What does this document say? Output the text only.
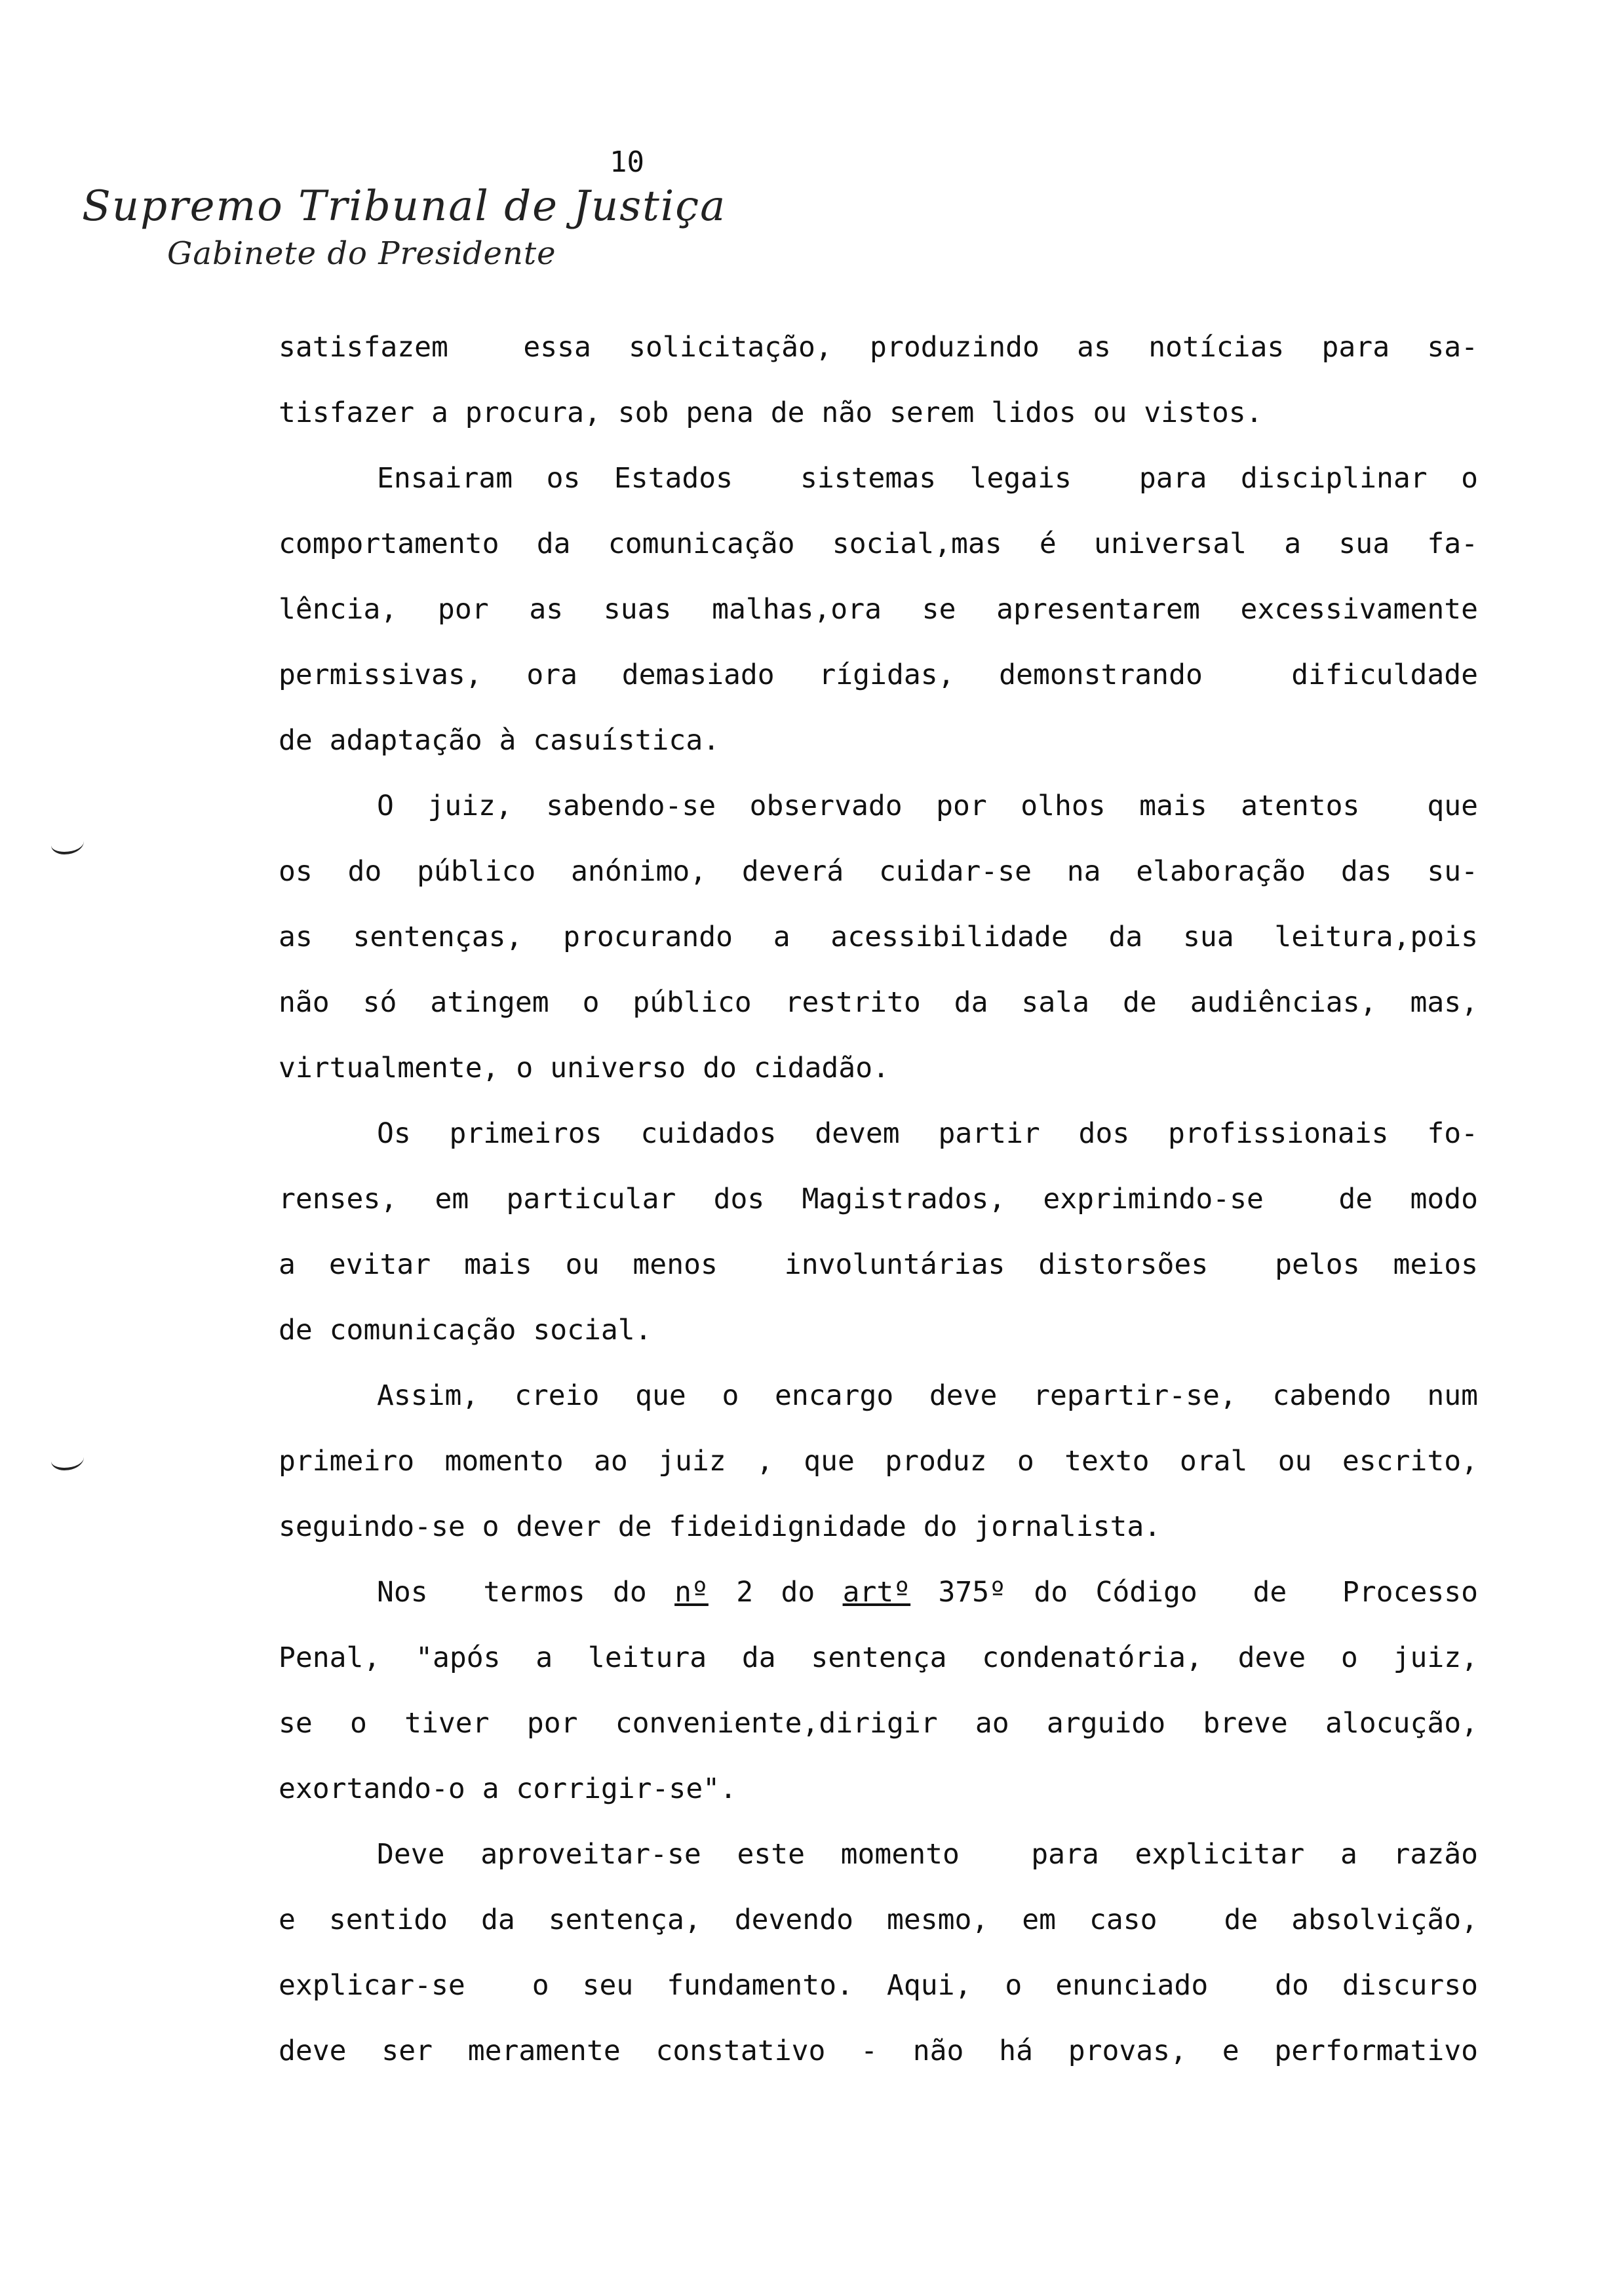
10
Supremo Tribunal de Justiça
Gabinete do Presidente
satisfazem  essa solicitação, produzindo as notícias para sa-
tisfazer a procura, sob pena de não serem lidos ou vistos.
Ensairam os Estados  sistemas legais  para disciplinar o
comportamento da comunicação social,mas é universal a sua fa-
lência, por as suas malhas,ora se apresentarem excessivamente
permissivas, ora demasiado rígidas, demonstrando  dificuldade
de adaptação à casuística.
O juiz, sabendo-se observado por olhos mais atentos  que
os do público anónimo, deverá cuidar-se na elaboração das su-
as sentenças, procurando a acessibilidade da sua leitura,pois
não só atingem o público restrito da sala de audiências, mas,
virtualmente, o universo do cidadão.
Os primeiros cuidados devem partir dos profissionais fo-
renses, em particular dos Magistrados, exprimindo-se  de modo
a evitar mais ou menos  involuntárias distorsões  pelos meios
de comunicação social.
Assim, creio que o encargo deve repartir-se, cabendo num
primeiro momento ao juiz , que produz o texto oral ou escrito,
seguindo-se o dever de fideidignidade do jornalista.
Nos  termos do nº 2 do artº 375º do Código  de  Processo
Penal, "após a leitura da sentença condenatória, deve o juiz,
se o tiver por conveniente,dirigir ao arguido breve alocução,
exortando-o a corrigir-se".
Deve aproveitar-se este momento  para explicitar a razão
e sentido da sentença, devendo mesmo, em caso  de absolvição,
explicar-se  o seu fundamento. Aqui, o enunciado  do discurso
deve ser meramente constativo - não há provas, e performativo
